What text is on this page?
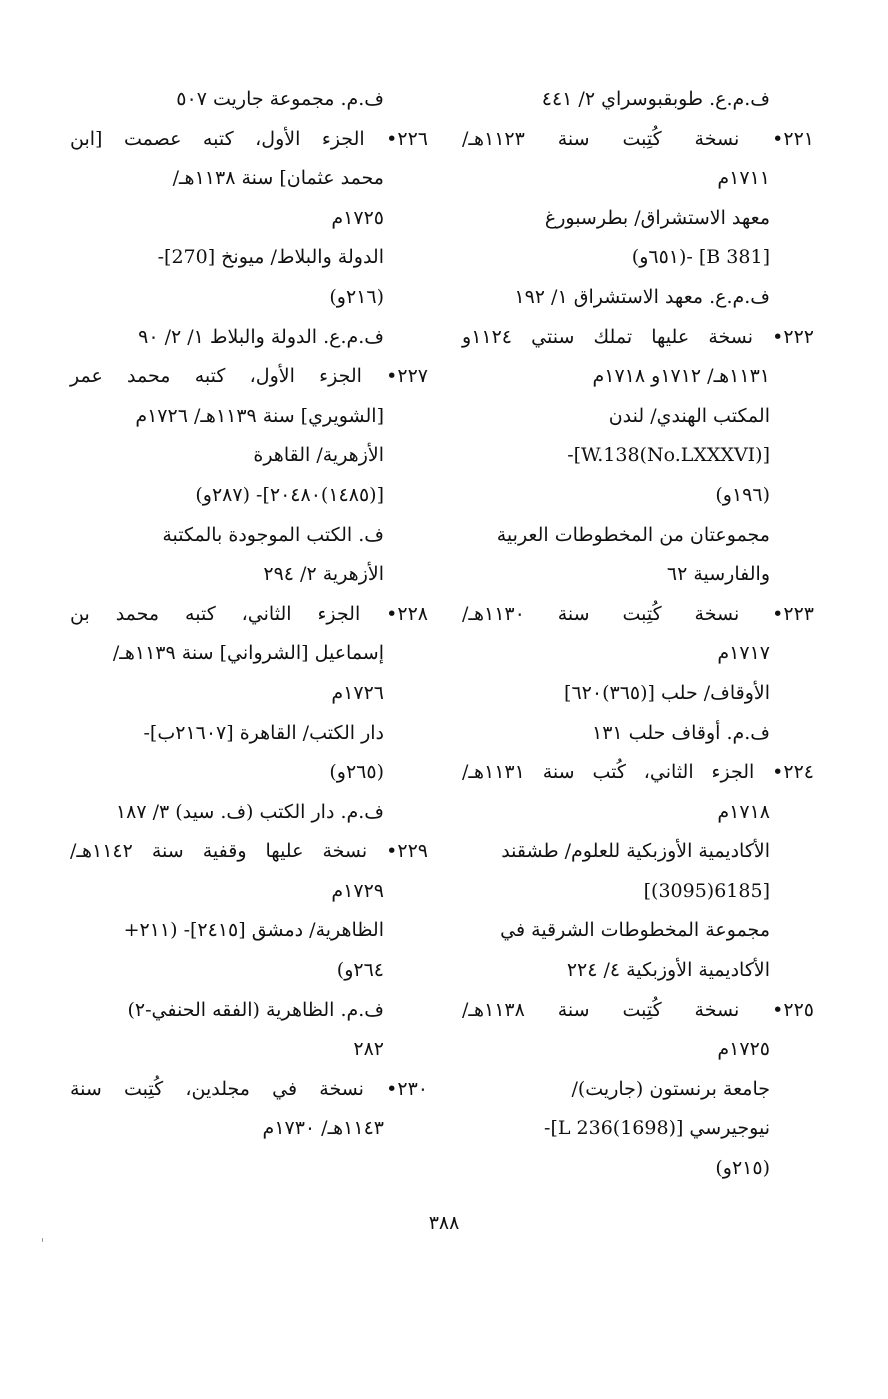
ف.م.ع. طوبقبوسراي ٢/ ٤٤١
٢٢١• نسخة كُتِبت سنة ١١٢٣هـ/
١٧١١م
معهد الاستشراق/ بطرسبورغ
[B 381] -(٦٥١و)
ف.م.ع. معهد الاستشراق ١/ ١٩٢
٢٢٢• نسخة عليها تملك سنتي ١١٢٤و
١١٣١هـ/ ١٧١٢و ١٧١٨م
المكتب الهندي/ لندن
[W.138(No.LXXXVI)]-
(١٩٦و)
مجموعتان من المخطوطات العربية
والفارسية ٦٢
٢٢٣• نسخة كُتِبت سنة ١١٣٠هـ/
١٧١٧م
الأوقاف/ حلب [(٣٦٥)٦٢٠]
ف.م. أوقاف حلب ١٣١
٢٢٤• الجزء الثاني، كُتب سنة ١١٣١هـ/
١٧١٨م
الأكاديمية الأوزبكية للعلوم/ طشقند
[6185(3095)]
مجموعة المخطوطات الشرقية في
الأكاديمية الأوزبكية ٤/ ٢٢٤
٢٢٥• نسخة كُتِبت سنة ١١٣٨هـ/
١٧٢٥م
جامعة برنستون (جاريت)/
نيوجيرسي [L 236(1698)]-
(٢١٥و)
ف.م. مجموعة جاريت ٥٠٧
٢٢٦• الجزء الأول، كتبه عصمت [ابن
محمد عثمان] سنة ١١٣٨هـ/
١٧٢٥م
الدولة والبلاط/ ميونخ [270]-
(٢١٦و)
ف.م.ع. الدولة والبلاط ١/ ٢/ ٩٠
٢٢٧• الجزء الأول، كتبه محمد عمر
[الشويري] سنة ١١٣٩هـ/ ١٧٢٦م
الأزهرية/ القاهرة
[(١٤٨٥)٢٠٤٨٠]- (٢٨٧و)
ف. الكتب الموجودة بالمكتبة
الأزهرية ٢/ ٢٩٤
٢٢٨• الجزء الثاني، كتبه محمد بن
إسماعيل [الشرواني] سنة ١١٣٩هـ/
١٧٢٦م
دار الكتب/ القاهرة [٢١٦٠٧ب]-
(٢٦٥و)
ف.م. دار الكتب (ف. سيد) ٣/ ١٨٧
٢٢٩• نسخة عليها وقفية سنة ١١٤٢هـ/
١٧٢٩م
الظاهرية/ دمشق [٢٤١٥]- (٢١١+
٢٦٤و)
ف.م. الظاهرية (الفقه الحنفي-٢)
٢٨٢
٢٣٠• نسخة في مجلدين، كُتِبت سنة
١١٤٣هـ/ ١٧٣٠م
٣٨٨
